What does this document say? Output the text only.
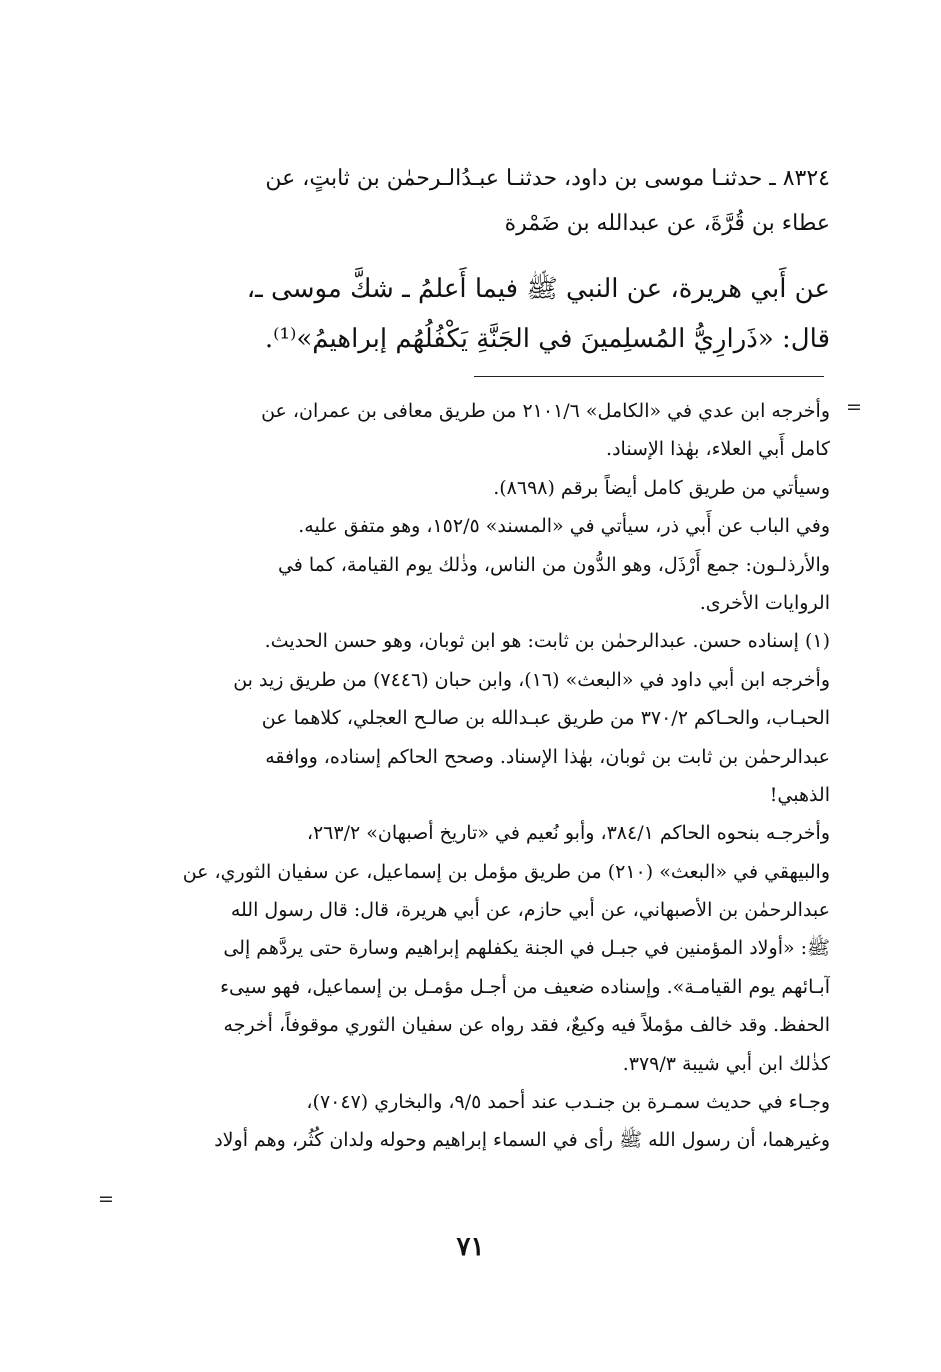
٨٣٢٤ ـ حدثنـا موسى بن داود، حدثنـا عبـدُالـرحمٰن بن ثابتٍ، عن
عطاء بن قُرَّةَ، عن عبدالله بن ضَمْرة
عن أَبي هريرة، عن النبي ﷺ فيما أَعلمُ ـ شكَّ موسى ـ،
قال: «ذَرارِيُّ المُسلِمينَ في الجَنَّةِ يَكْفُلُهُم إبراهيمُ»⁽¹⁾.
=
وأخرجه ابن عدي في «الكامل» ٢١٠١/٦ من طريق معافى بن عمران، عن
كامل أَبي العلاء، بهٰذا الإسناد.
وسيأتي من طريق كامل أيضاً برقم (٨٦٩٨).
وفي الباب عن أَبي ذر، سيأتي في «المسند» ١٥٢/٥، وهو متفق عليه.
والأرذلـون: جمع أَرْذَل، وهو الدُّون من الناس، وذٰلك يوم القيامة، كما في
الروايات الأخرى.
(١) إسناده حسن. عبدالرحمٰن بن ثابت: هو ابن ثوبان، وهو حسن الحديث.
وأخرجه ابن أبي داود في «البعث» (١٦)، وابن حبان (٧٤٤٦) من طريق زيد بن
الحبـاب، والحـاكم ٣٧٠/٢ من طريق عبـدالله بن صالـح العجلي، كلاهما عن
عبدالرحمٰن بن ثابت بن ثوبان، بهٰذا الإسناد. وصحح الحاكم إسناده، ووافقه
الذهبي!
وأخرجـه بنحوه الحاكم ٣٨٤/١، وأبو نُعيم في «تاريخ أصبهان» ٢٦٣/٢،
والبيهقي في «البعث» (٢١٠) من طريق مؤمل بن إسماعيل، عن سفيان الثوري، عن
عبدالرحمٰن بن الأصبهاني، عن أبي حازم، عن أبي هريرة، قال: قال رسول الله
ﷺ: «أولاد المؤمنين في جبـل في الجنة يكفلهم إبراهيم وسارة حتى يردَّهم إلى
آبـائهم يوم القيامـة». وإسناده ضعيف من أجـل مؤمـل بن إسماعيل، فهو سيىء
الحفظ. وقد خالف مؤملاً فيه وكيعٌ، فقد رواه عن سفيان الثوري موقوفاً، أخرجه
كذٰلك ابن أبي شيبة ٣٧٩/٣.
وجـاء في حديث سمـرة بن جنـدب عند أحمد ٩/٥، والبخاري (٧٠٤٧)،
وغيرهما، أن رسول الله ﷺ رأى في السماء إبراهيم وحوله ولدان كُثُر، وهم أولاد
=
٧١
